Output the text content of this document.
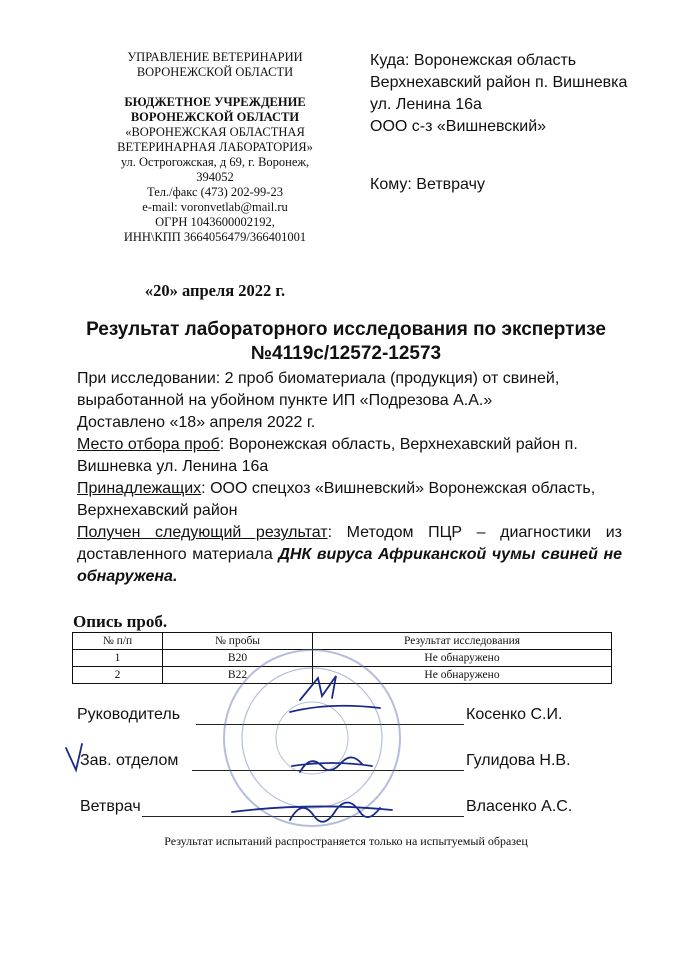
УПРАВЛЕНИЕ ВЕТЕРИНАРИИ
ВОРОНЕЖСКОЙ ОБЛАСТИ
БЮДЖЕТНОЕ УЧРЕЖДЕНИЕ
ВОРОНЕЖСКОЙ ОБЛАСТИ
«ВОРОНЕЖСКАЯ ОБЛАСТНАЯ
ВЕТЕРИНАРНАЯ ЛАБОРАТОРИЯ»
ул. Острогожская, д 69, г. Воронеж,
394052
Тел./факс (473) 202-99-23
e-mail: voronvetlab@mail.ru
ОГРН 1043600002192,
ИНН\КПП 3664056479/366401001
Куда: Воронежская область
Верхнехавский район п. Вишневка
ул. Ленина 16а
ООО с-з «Вишневский»
Кому: Ветврачу
«20» апреля 2022 г.
Результат лабораторного исследования по экспертизе
№4119с/12572-12573
При исследовании: 2 проб биоматериала (продукция) от свиней, выработанной на убойном пункте ИП «Подрезова А.А.»
Доставлено «18» апреля 2022 г.
Место отбора проб: Воронежская область, Верхнехавский район п. Вишневка ул. Ленина 16а
Принадлежащих: ООО спецхоз «Вишневский» Воронежская область, Верхнехавский район
Получен следующий результат: Методом ПЦР – диагностики из доставленного материала ДНК вируса Африканской чумы свиней не обнаружена.
Опись проб.
№ п/п	№ пробы	Результат исследования
1	В20	Не обнаружено
2	В22	Не обнаружено
Руководитель	Косенко С.И.
Зав. отделом	Гулидова Н.В.
Ветврач	Власенко А.С.
Результат испытаний распространяется только на испытуемый образец
